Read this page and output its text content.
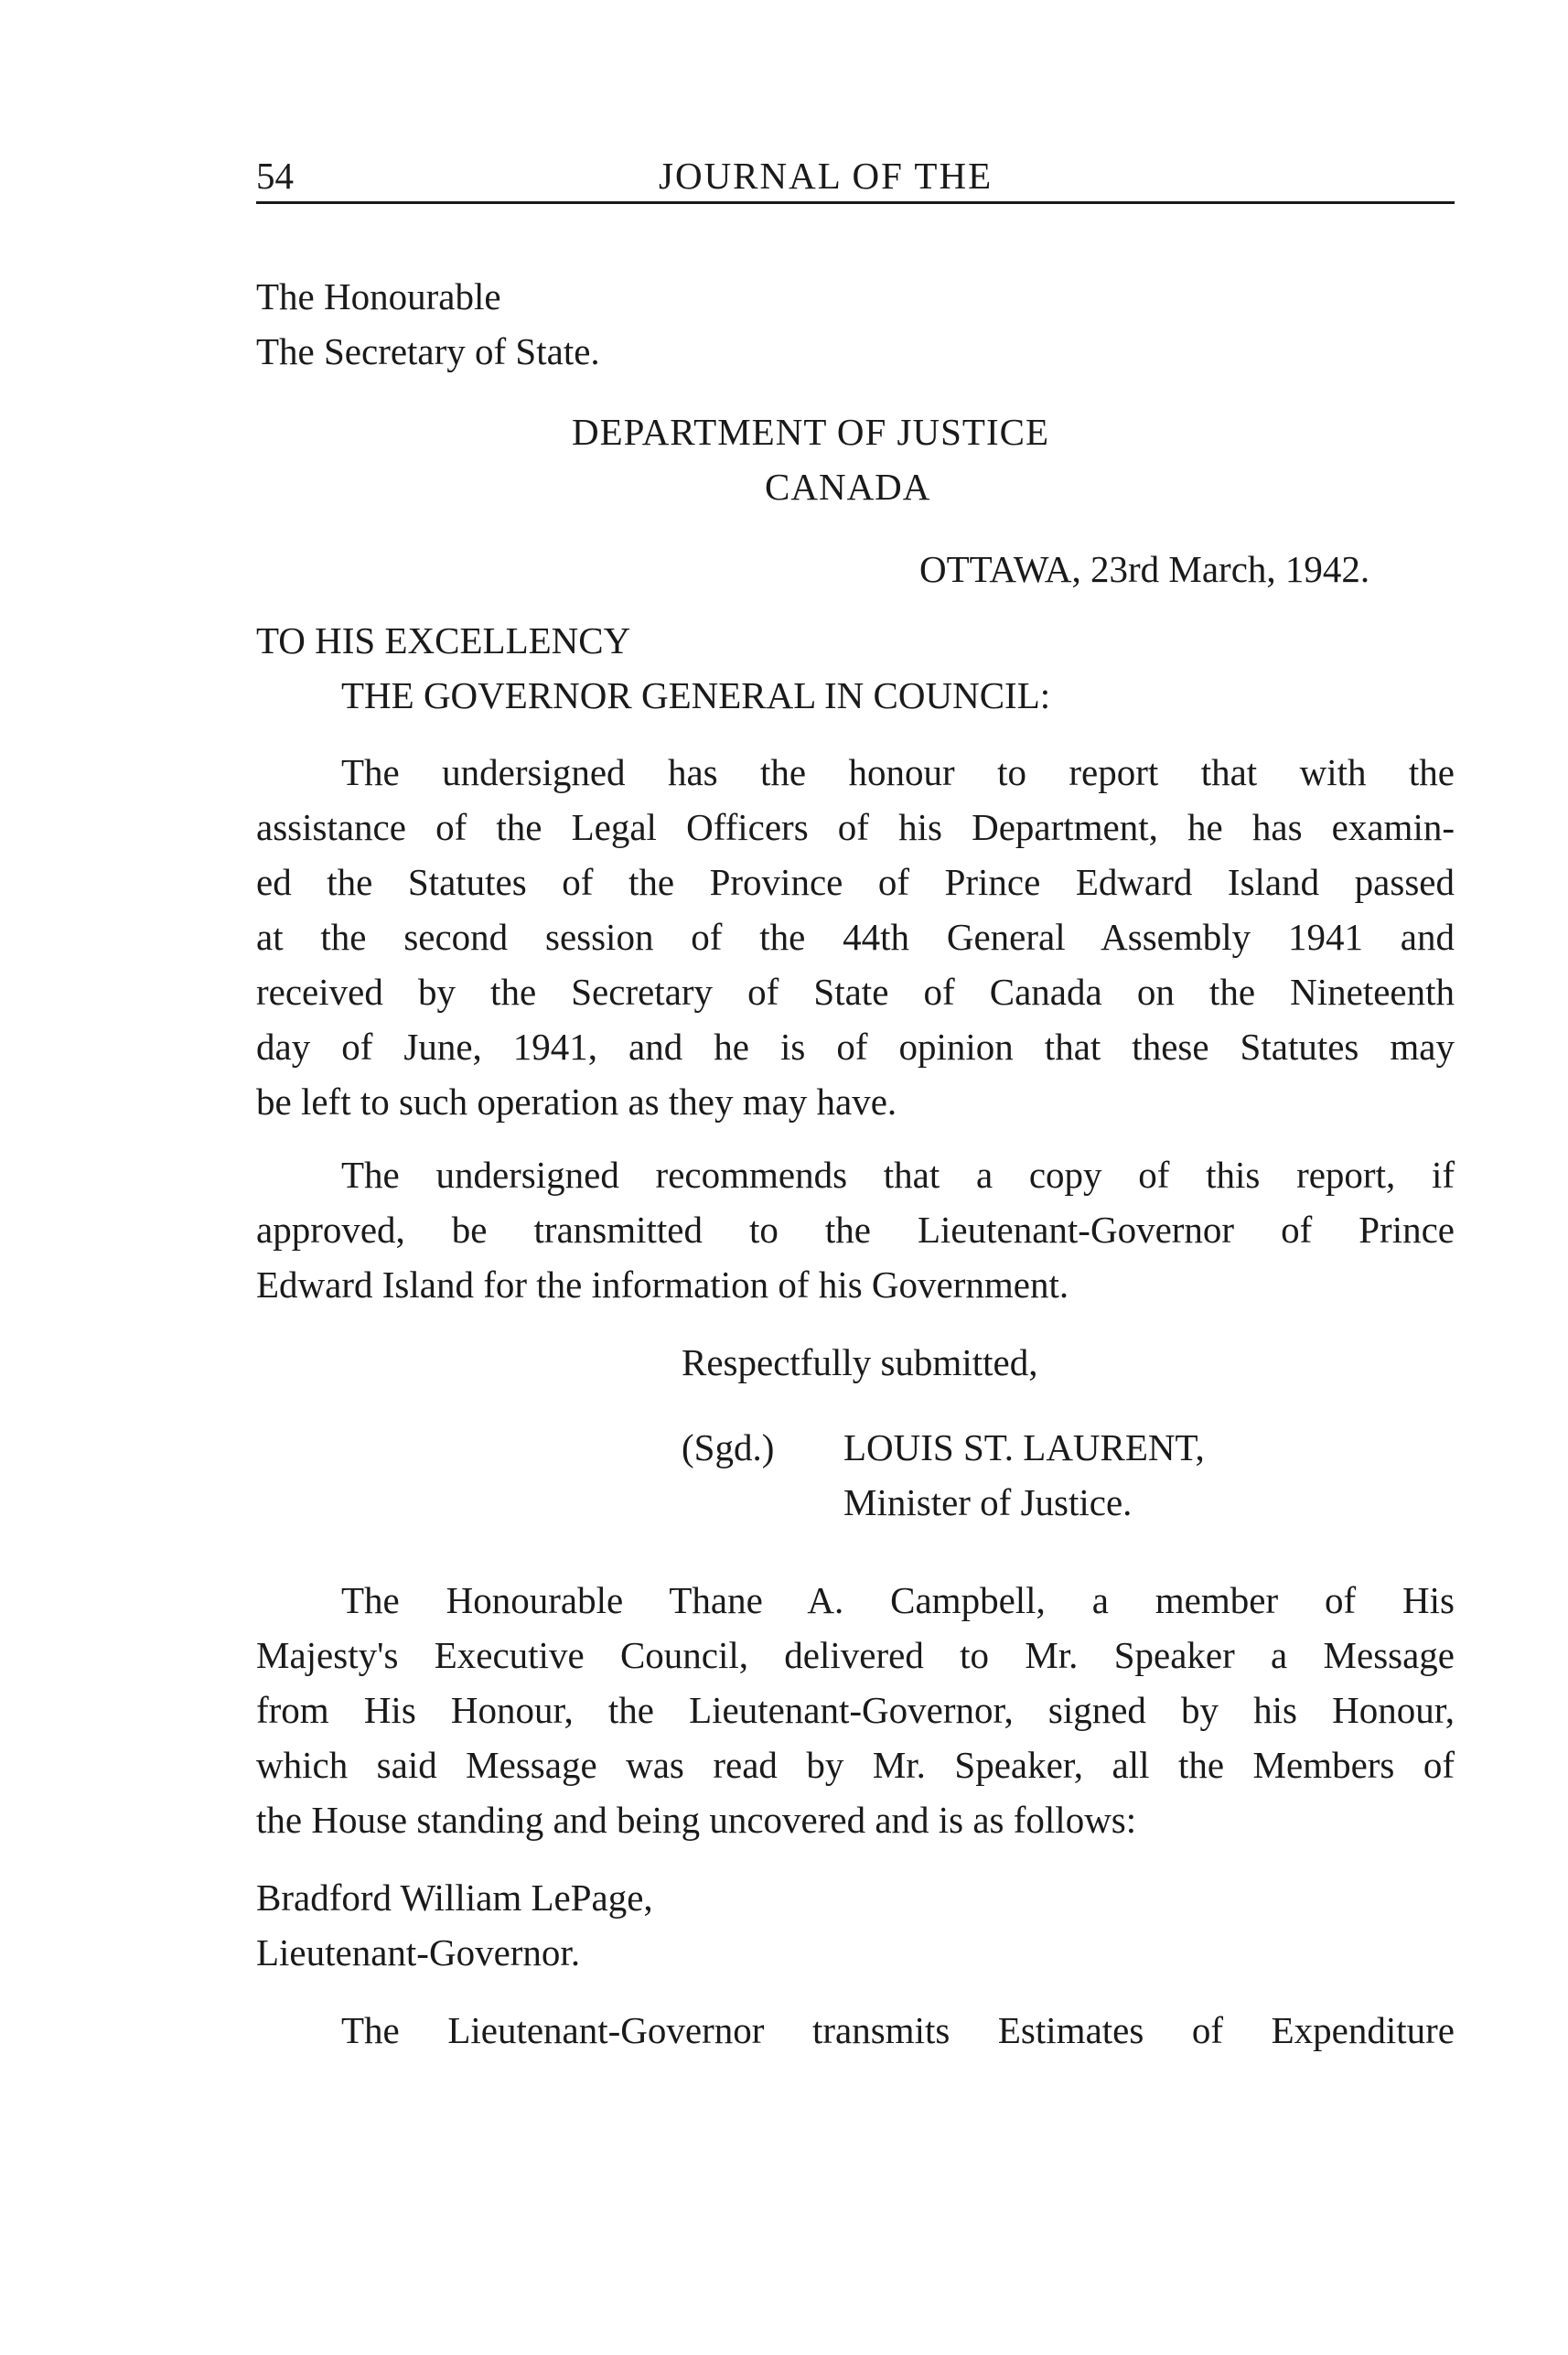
54	JOURNAL OF THE
The Honourable
The Secretary of State.
DEPARTMENT OF JUSTICE
CANADA
OTTAWA, 23rd March, 1942.
TO HIS EXCELLENCY
THE GOVERNOR GENERAL IN COUNCIL:
The undersigned has the honour to report that with the
assistance of the Legal Officers of his Department, he has examin-
ed the Statutes of the Province of Prince Edward Island passed
at the second session of the 44th General Assembly 1941 and
received by the Secretary of State of Canada on the Nineteenth
day of June, 1941, and he is of opinion that these Statutes may
be left to such operation as they may have.
The undersigned recommends that a copy of this report, if
approved, be transmitted to the Lieutenant-Governor of Prince
Edward Island for the information of his Government.
Respectfully submitted,
(Sgd.) LOUIS ST. LAURENT,
Minister of Justice.
The Honourable Thane A. Campbell, a member of His
Majesty's Executive Council, delivered to Mr. Speaker a Message
from His Honour, the Lieutenant-Governor, signed by his Honour,
which said Message was read by Mr. Speaker, all the Members of
the House standing and being uncovered and is as follows:
Bradford William LePage,
Lieutenant-Governor.
The Lieutenant-Governor transmits Estimates of Expenditure
